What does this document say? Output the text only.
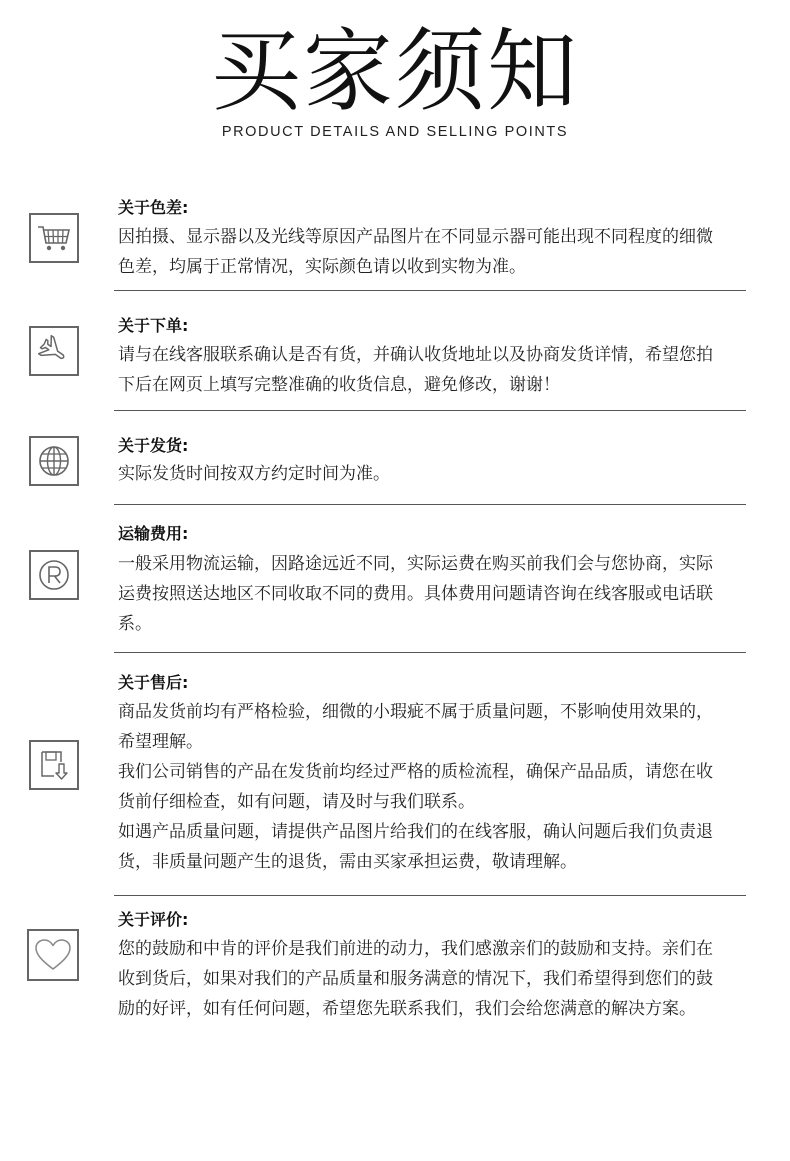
买家须知
PRODUCT DETAILS AND SELLING POINTS
关于色差:

因拍摄、显示器以及光线等原因产品图片在不同显示器可能出现不同程度的细微色差，均属于正常情况，实际颜色请以收到实物为准。

关于下单:

请与在线客服联系确认是否有货，并确认收货地址以及协商发货详情，希望您拍下后在网页上填写完整准确的收货信息，避免修改，谢谢！

关于发货:

实际发货时间按双方约定时间为准。

运输费用:

一般采用物流运输，因路途远近不同，实际运费在购买前我们会与您协商，实际运费按照送达地区不同收取不同的费用。具体费用问题请咨询在线客服或电话联系。

关于售后:

商品发货前均有严格检验，细微的小瑕疵不属于质量问题，不影响使用效果的，希望理解。

我们公司销售的产品在发货前均经过严格的质检流程，确保产品品质，请您在收货前仔细检查，如有问题，请及时与我们联系。

如遇产品质量问题，请提供产品图片给我们的在线客服，确认问题后我们负责退货，非质量问题产生的退货，需由买家承担运费，敬请理解。

关于评价:

您的鼓励和中肯的评价是我们前进的动力，我们感激亲们的鼓励和支持。亲们在收到货后，如果对我们的产品质量和服务满意的情况下，我们希望得到您们的鼓励的好评，如有任何问题，希望您先联系我们，我们会给您满意的解决方案。
